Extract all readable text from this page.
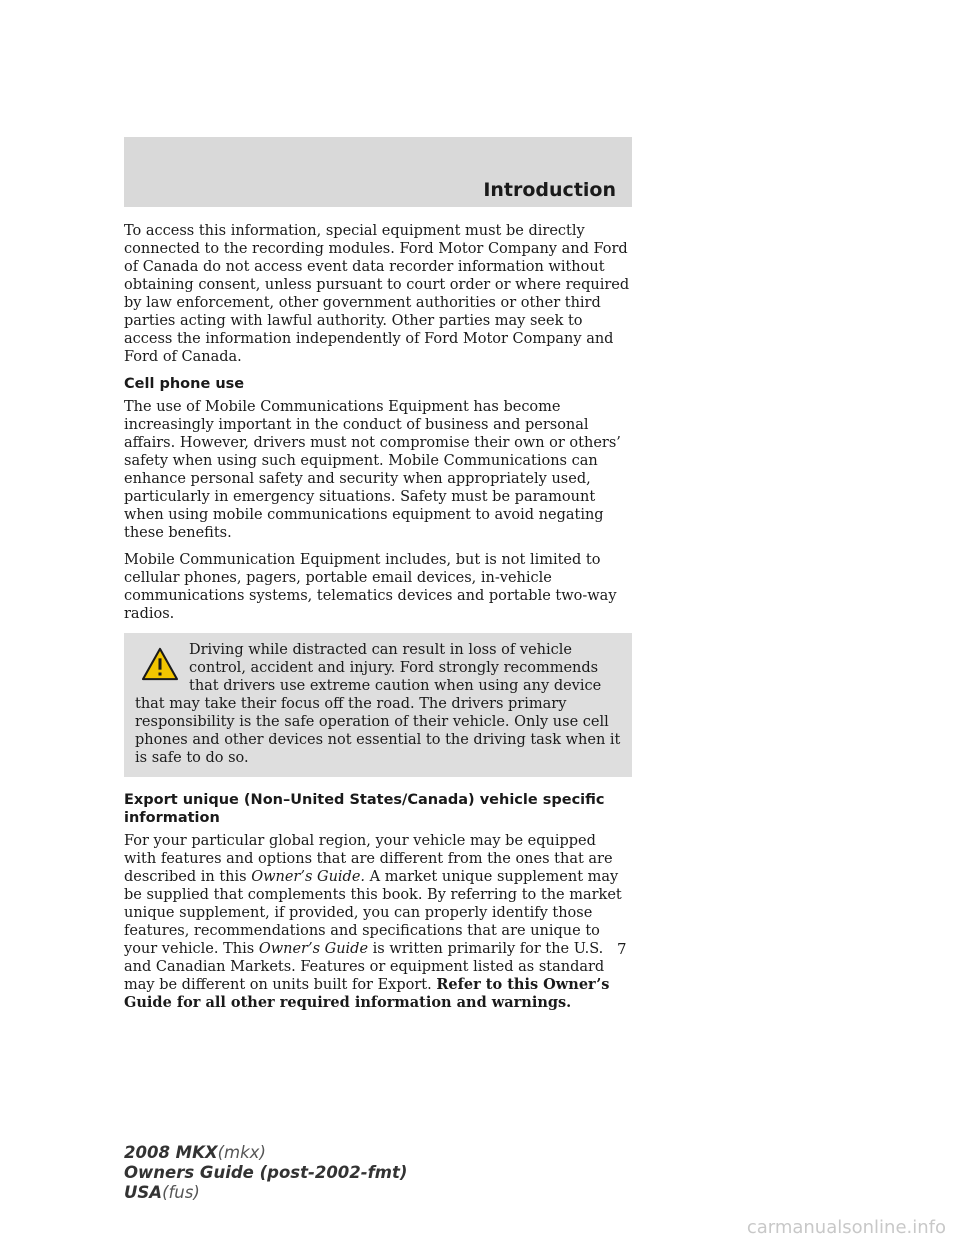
Introduction

To access this information, special equipment must be directly connected to the recording modules. Ford Motor Company and Ford of Canada do not access event data recorder information without obtaining consent, unless pursuant to court order or where required by law enforcement, other government authorities or other third parties acting with lawful authority. Other parties may seek to access the information independently of Ford Motor Company and Ford of Canada.

Cell phone use

The use of Mobile Communications Equipment has become increasingly important in the conduct of business and personal affairs. However, drivers must not compromise their own or others’ safety when using such equipment. Mobile Communications can enhance personal safety and security when appropriately used, particularly in emergency situations. Safety must be paramount when using mobile communications equipment to avoid negating these benefits.

Mobile Communication Equipment includes, but is not limited to cellular phones, pagers, portable email devices, in-vehicle communications systems, telematics devices and portable two-way radios.

Driving while distracted can result in loss of vehicle control, accident and injury. Ford strongly recommends that drivers use extreme caution when using any device that may take their focus off the road. The drivers primary responsibility is the safe operation of their vehicle. Only use cell phones and other devices not essential to the driving task when it is safe to do so.

Export unique (Non–United States/Canada) vehicle specific information

For your particular global region, your vehicle may be equipped with features and options that are different from the ones that are described in this Owner’s Guide. A market unique supplement may be supplied that complements this book. By referring to the market unique supplement, if provided, you can properly identify those features, recommendations and specifications that are unique to your vehicle. This Owner’s Guide is written primarily for the U.S. and Canadian Markets. Features or equipment listed as standard may be different on units built for Export. Refer to this Owner’s Guide for all other required information and warnings.

7
2008 MKX(mkx)
Owners Guide (post-2002-fmt)
USA(fus)
carmanualsonline.info
